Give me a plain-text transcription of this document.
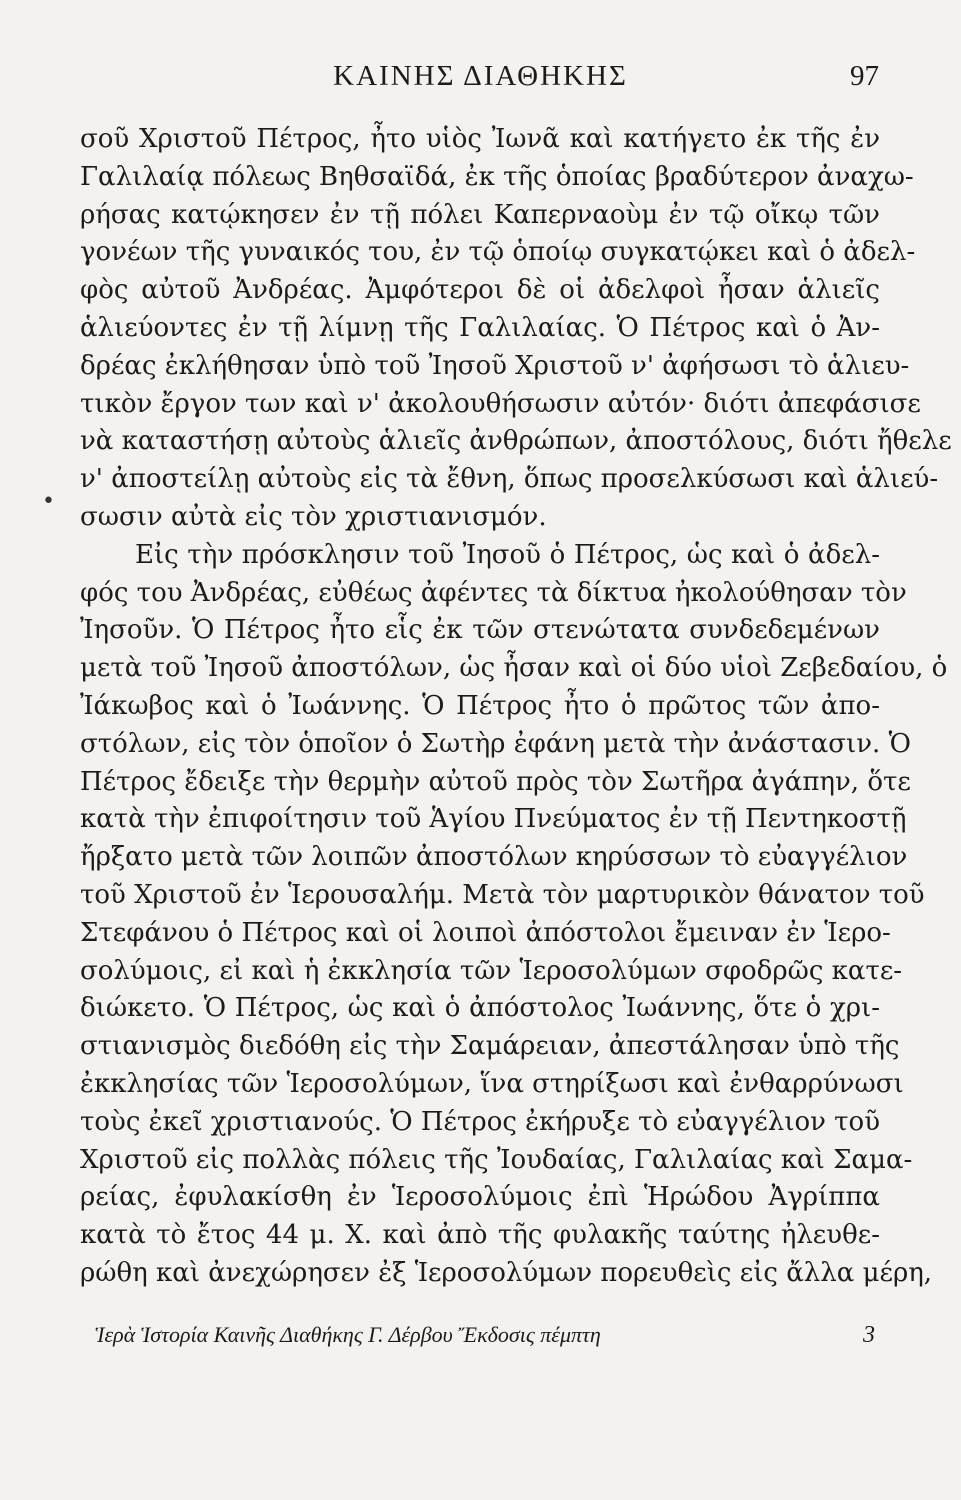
ΚΑΙΝΗΣ ΔΙΑΘΗΚΗΣ	97
•
σοῦ Χριστοῦ Πέτρος, ἦτο υἱὸς Ἰωνᾶ καὶ κατήγετο ἐκ τῆς ἐν
Γαλιλαίᾳ πόλεως Βηθσαϊδά, ἐκ τῆς ὁποίας βραδύτερον ἀναχω-
ρήσας κατῴκησεν ἐν τῇ πόλει Καπερναοὺμ ἐν τῷ οἴκῳ τῶν
γονέων τῆς γυναικός του, ἐν τῷ ὁποίῳ συγκατῴκει καὶ ὁ ἀδελ-
φὸς αὐτοῦ Ἀνδρέας. Ἀμφότεροι δὲ οἱ ἀδελφοὶ ἦσαν ἁλιεῖς
ἁλιεύοντες ἐν τῇ λίμνῃ τῆς Γαλιλαίας. Ὁ Πέτρος καὶ ὁ Ἀν-
δρέας ἐκλήθησαν ὑπὸ τοῦ Ἰησοῦ Χριστοῦ ν' ἀφήσωσι τὸ ἁλιευ-
τικὸν ἔργον των καὶ ν' ἀκολουθήσωσιν αὐτόν· διότι ἀπεφάσισε
νὰ καταστήσῃ αὐτοὺς ἁλιεῖς ἀνθρώπων, ἀποστόλους, διότι ἤθελε
ν' ἀποστείλῃ αὐτοὺς εἰς τὰ ἔθνη, ὅπως προσελκύσωσι καὶ ἁλιεύ-
σωσιν αὐτὰ εἰς τὸν χριστιανισμόν.
Εἰς τὴν πρόσκλησιν τοῦ Ἰησοῦ ὁ Πέτρος, ὡς καὶ ὁ ἀδελ-
φός του Ἀνδρέας, εὐθέως ἀφέντες τὰ δίκτυα ἠκολούθησαν τὸν
Ἰησοῦν. Ὁ Πέτρος ἦτο εἷς ἐκ τῶν στενώτατα συνδεδεμένων
μετὰ τοῦ Ἰησοῦ ἀποστόλων, ὡς ἦσαν καὶ οἱ δύο υἱοὶ Ζεβεδαίου, ὁ
Ἰάκωβος καὶ ὁ Ἰωάννης. Ὁ Πέτρος ἦτο ὁ πρῶτος τῶν ἀπο-
στόλων, εἰς τὸν ὁποῖον ὁ Σωτὴρ ἐφάνη μετὰ τὴν ἀνάστασιν. Ὁ
Πέτρος ἔδειξε τὴν θερμὴν αὐτοῦ πρὸς τὸν Σωτῆρα ἀγάπην, ὅτε
κατὰ τὴν ἐπιφοίτησιν τοῦ Ἁγίου Πνεύματος ἐν τῇ Πεντηκοστῇ
ἤρξατο μετὰ τῶν λοιπῶν ἀποστόλων κηρύσσων τὸ εὐαγγέλιον
τοῦ Χριστοῦ ἐν Ἱερουσαλήμ. Μετὰ τὸν μαρτυρικὸν θάνατον τοῦ
Στεφάνου ὁ Πέτρος καὶ οἱ λοιποὶ ἀπόστολοι ἔμειναν ἐν Ἱερο-
σολύμοις, εἰ καὶ ἡ ἐκκλησία τῶν Ἱεροσολύμων σφοδρῶς κατε-
διώκετο. Ὁ Πέτρος, ὡς καὶ ὁ ἀπόστολος Ἰωάννης, ὅτε ὁ χρι-
στιανισμὸς διεδόθη εἰς τὴν Σαμάρειαν, ἀπεστάλησαν ὑπὸ τῆς
ἐκκλησίας τῶν Ἱεροσολύμων, ἵνα στηρίξωσι καὶ ἐνθαρρύνωσι
τοὺς ἐκεῖ χριστιανούς. Ὁ Πέτρος ἐκήρυξε τὸ εὐαγγέλιον τοῦ
Χριστοῦ εἰς πολλὰς πόλεις τῆς Ἰουδαίας, Γαλιλαίας καὶ Σαμα-
ρείας, ἐφυλακίσθη ἐν Ἱεροσολύμοις ἐπὶ Ἡρώδου Ἀγρίππα
κατὰ τὸ ἔτος 44 μ. Χ. καὶ ἀπὸ τῆς φυλακῆς ταύτης ἠλευθε-
ρώθη καὶ ἀνεχώρησεν ἐξ Ἱεροσολύμων πορευθεὶς εἰς ἄλλα μέρη,
Ἱερὰ Ἱστορία Καινῆς Διαθήκης Γ. Δέρβου Ἔκδοσις πέμπτη	3
